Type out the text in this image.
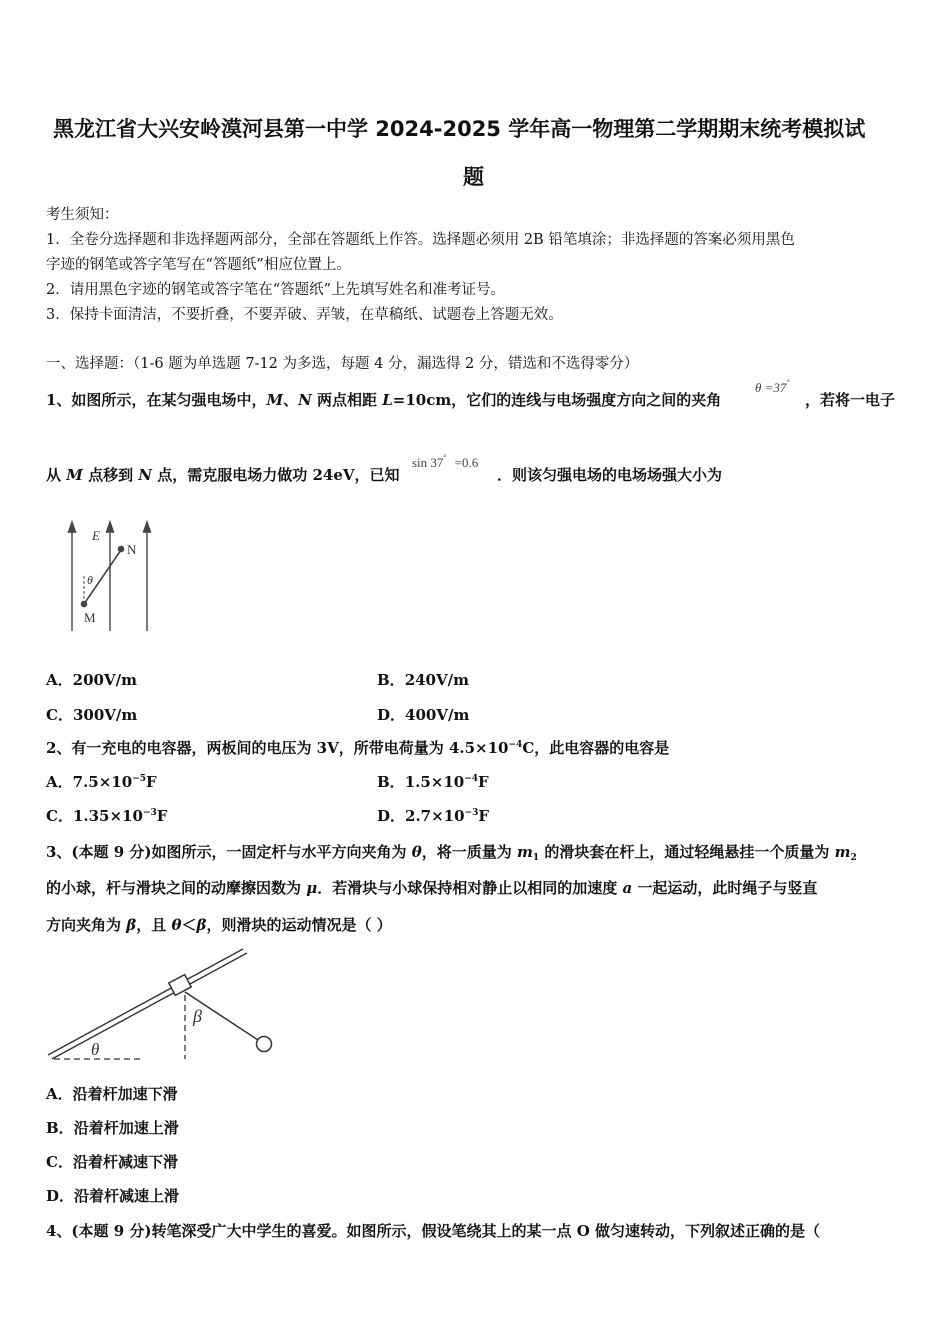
黑龙江省大兴安岭漠河县第一中学 2024-2025 学年高一物理第二学期期末统考模拟试
题
考生须知：
1．全卷分选择题和非选择题两部分，全部在答题纸上作答。选择题必须用 2B 铅笔填涂；非选择题的答案必须用黑色
字迹的钢笔或答字笔写在“答题纸”相应位置上。
2．请用黑色字迹的钢笔或答字笔在“答题纸”上先填写姓名和准考证号。
3．保持卡面清洁，不要折叠，不要弄破、弄皱，在草稿纸、试题卷上答题无效。
一、选择题：（1-6 题为单选题 7-12 为多选，每题 4 分，漏选得 2 分，错选和不选得零分）
1、如图所示，在某匀强电场中，M、N 两点相距 L=10cm，它们的连线与电场强度方向之间的夹角
θ =37°
，若将一电子
从 M 点移到 N 点，需克服电场力做功 24eV，已知
sin 37° =0.6
．则该匀强电场的电场场强大小为
E
N
θ
M
A．200V/m	B．240V/m
C．300V/m	D．400V/m
2、有一充电的电容器，两板间的电压为 3V，所带电荷量为 $4.5\times 10^{-4}C$，此电容器的电容是
A．$7.5\times 10^{-5}F$	B．$1.5\times 10^{-4}F$
C．$1.35\times 10^{-3}F$	D．$2.7\times 10^{-3}F$
3、(本题 9 分)如图所示，一固定杆与水平方向夹角为 θ，将一质量为 $m_1$ 的滑块套在杆上，通过轻绳悬挂一个质量为 $m_2$
的小球，杆与滑块之间的动摩擦因数为 μ．若滑块与小球保持相对静止以相同的加速度 a 一起运动，此时绳子与竖直
方向夹角为 β，且 θ＜β，则滑块的运动情况是（ ）
β
θ
A．沿着杆加速下滑
B．沿着杆加速上滑
C．沿着杆减速下滑
D．沿着杆减速上滑
4、(本题 9 分)转笔深受广大中学生的喜爱。如图所示，假设笔绕其上的某一点 O 做匀速转动，下列叙述正确的是（
